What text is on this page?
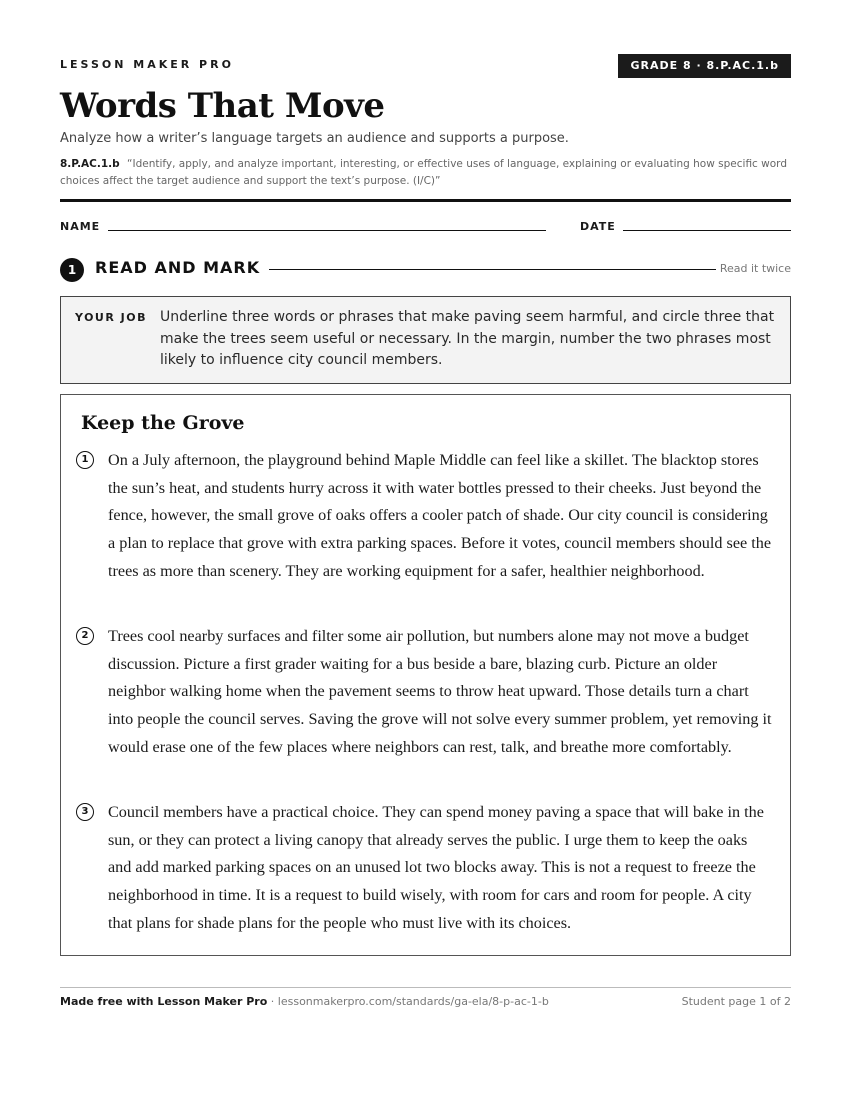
LESSON MAKER PRO	GRADE 8 · 8.P.AC.1.b
Words That Move
Analyze how a writer’s language targets an audience and supports a purpose.
8.P.AC.1.b “Identify, apply, and analyze important, interesting, or effective uses of language, explaining or evaluating how specific word choices affect the target audience and support the text’s purpose. (I/C)”
NAME	DATE
1	READ AND MARK	Read it twice
YOUR JOB Underline three words or phrases that make paving seem harmful, and circle three that make the trees seem useful or necessary. In the margin, number the two phrases most likely to influence city council members.
Keep the Grove
1	On a July afternoon, the playground behind Maple Middle can feel like a skillet. The blacktop stores the sun’s heat, and students hurry across it with water bottles pressed to their cheeks. Just beyond the fence, however, the small grove of oaks offers a cooler patch of shade. Our city council is considering a plan to replace that grove with extra parking spaces. Before it votes, council members should see the trees as more than scenery. They are working equipment for a safer, healthier neighborhood.
2	Trees cool nearby surfaces and filter some air pollution, but numbers alone may not move a budget discussion. Picture a first grader waiting for a bus beside a bare, blazing curb. Picture an older neighbor walking home when the pavement seems to throw heat upward. Those details turn a chart into people the council serves. Saving the grove will not solve every summer problem, yet removing it would erase one of the few places where neighbors can rest, talk, and breathe more comfortably.
3	Council members have a practical choice. They can spend money paving a space that will bake in the sun, or they can protect a living canopy that already serves the public. I urge them to keep the oaks and add marked parking spaces on an unused lot two blocks away. This is not a request to freeze the neighborhood in time. It is a request to build wisely, with room for cars and room for people. A city that plans for shade plans for the people who must live with its choices.
Made free with Lesson Maker Pro · lessonmakerpro.com/standards/ga-ela/8-p-ac-1-b	Student page 1 of 2
